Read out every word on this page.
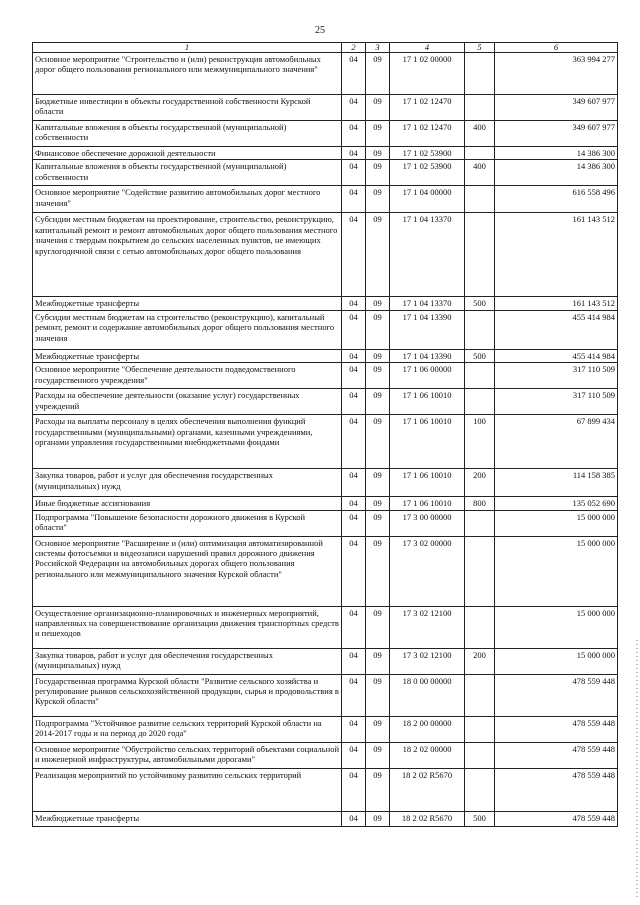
25
1	2	3	4	5	6
Основное мероприятие "Строительство и (или) реконструкция автомобильных дорог общего пользования регионального или межмуниципального значения"	04	09	17 1 02 00000		363 994 277
Бюджетные инвестиции в объекты государственной собственности Курской области	04	09	17 1 02 12470		349 607 977
Капитальные вложения в объекты государственной (муниципальной) собственности	04	09	17 1 02 12470	400	349 607 977
Финансовое обеспечение дорожной деятельности	04	09	17 1 02 53900		14 386 300
Капитальные вложения в объекты государственной (муниципальной) собственности	04	09	17 1 02 53900	400	14 386 300
Основное мероприятие "Содействие развитию автомобильных дорог местного значения"	04	09	17 1 04 00000		616 558 496
Субсидии местным бюджетам на проектирование, строительство, реконструкцию, капитальный ремонт и ремонт автомобильных дорог общего пользования местного значения с твердым покрытием до сельских населенных пунктов, не имеющих круглогодичной связи с сетью автомобильных дорог общего пользования	04	09	17 1 04 13370		161 143 512
Межбюджетные трансферты	04	09	17 1 04 13370	500	161 143 512
Субсидии местным бюджетам на строительство (реконструкцию), капитальный ремонт, ремонт и содержание автомобильных дорог общего пользования местного значения	04	09	17 1 04 13390		455 414 984
Межбюджетные трансферты	04	09	17 1 04 13390	500	455 414 984
Основное мероприятие "Обеспечение деятельности подведомственного государственного учреждения"	04	09	17 1 06 00000		317 110 509
Расходы на обеспечение деятельности (оказание услуг) государственных учреждений	04	09	17 1 06 10010		317 110 509
Расходы на выплаты персоналу в целях обеспечения выполнения функций государственными (муниципальными) органами, казенными учреждениями, органами управления государственными внебюджетными фондами	04	09	17 1 06 10010	100	67 899 434
Закупка товаров, работ и услуг для обеспечения государственных (муниципальных) нужд	04	09	17 1 06 10010	200	114 158 385
Иные бюджетные ассигнования	04	09	17 1 06 10010	800	135 052 690
Подпрограмма "Повышение безопасности дорожного движения в Курской области"	04	09	17 3 00 00000		15 000 000
Основное мероприятие "Расширение и (или) оптимизация автоматизированной системы фотосъемки и видеозаписи нарушений правил дорожного движения Российской Федерации на автомобильных дорогах общего пользования регионального или межмуниципального значения Курской области"	04	09	17 3 02 00000		15 000 000
Осуществление организационно-планировочных и инженерных мероприятий, направленных на совершенствование организации движения транспортных средств и пешеходов	04	09	17 3 02 12100		15 000 000
Закупка товаров, работ и услуг для обеспечения государственных (муниципальных) нужд	04	09	17 3 02 12100	200	15 000 000
Государственная программа Курской области "Развитие сельского хозяйства и регулирование рынков сельскохозяйственной продукции, сырья и продовольствия в Курской области"	04	09	18 0 00 00000		478 559 448
Подпрограмма "Устойчивое развитие сельских территорий Курской области на 2014-2017 годы и на период до 2020 года"	04	09	18 2 00 00000		478 559 448
Основное мероприятие "Обустройство сельских территорий объектами социальной и инженерной инфраструктуры, автомобильными дорогами"	04	09	18 2 02 00000		478 559 448
Реализация мероприятий по устойчивому развитию сельских территорий	04	09	18 2 02 R5670		478 559 448
Межбюджетные трансферты	04	09	18 2 02 R5670	500	478 559 448
